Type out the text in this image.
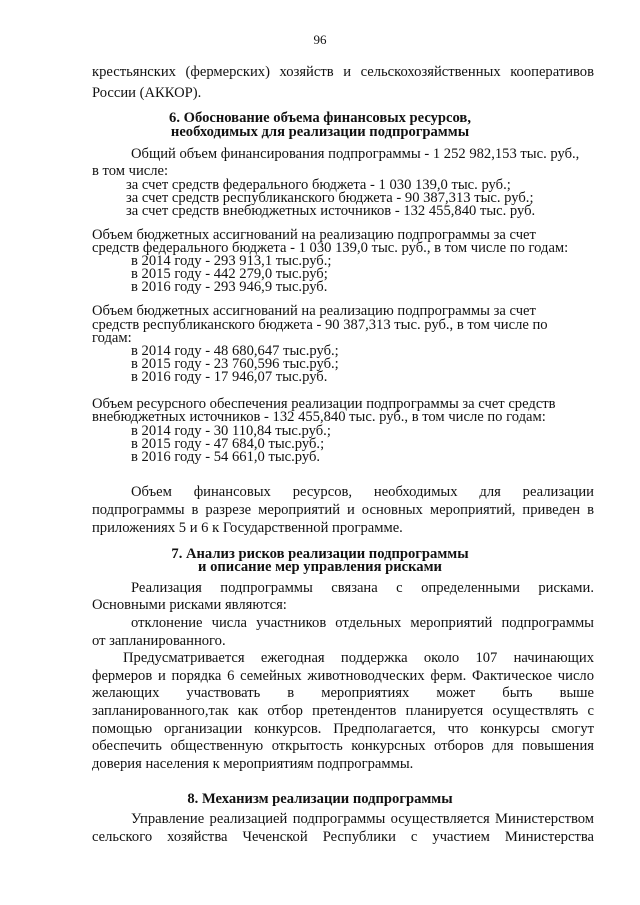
96
крестьянских (фермерских) хозяйств и сельскохозяйственных кооперативов
России (АККОР).
6. Обоснование объема финансовых ресурсов,
необходимых для реализации подпрограммы
Общий объем финансирования подпрограммы - 1 252 982,153 тыс. руб.,
в том числе:
за счет средств федерального бюджета - 1 030 139,0 тыс. руб.;
за счет средств республиканского бюджета - 90 387,313 тыс. руб.;
за счет средств внебюджетных источников - 132 455,840 тыс. руб.
Объем бюджетных ассигнований на реализацию подпрограммы за счет
средств федерального бюджета - 1 030 139,0 тыс. руб., в том числе по годам:
в 2014 году - 293 913,1 тыс.руб.;
в 2015 году - 442 279,0 тыс.руб;
в 2016 году - 293 946,9 тыс.руб.
Объем бюджетных ассигнований на реализацию подпрограммы за счет
средств республиканского бюджета - 90 387,313 тыс. руб., в том числе по
годам:
в 2014 году - 48 680,647 тыс.руб.;
в 2015 году - 23 760,596 тыс.руб.;
в 2016 году - 17 946,07 тыс.руб.
Объем ресурсного обеспечения реализации подпрограммы за счет средств
внебюджетных источников - 132 455,840 тыс. руб., в том числе по годам:
в 2014 году - 30 110,84 тыс.руб.;
в 2015 году - 47 684,0 тыс.руб.;
в 2016 году - 54 661,0 тыс.руб.
Объем финансовых ресурсов, необходимых для реализации
подпрограммы в разрезе мероприятий и основных мероприятий, приведен в
приложениях 5 и 6 к Государственной программе.
7. Анализ рисков реализации подпрограммы
и описание мер управления рисками
Реализация подпрограммы связана с определенными рисками.
Основными рисками являются:
отклонение числа участников отдельных мероприятий подпрограммы
от запланированного.
Предусматривается ежегодная поддержка около 107 начинающих
фермеров и порядка 6 семейных животноводческих ферм. Фактическое число
желающих участвовать в мероприятиях может быть выше
запланированного,так как отбор претендентов планируется осуществлять с
помощью организации конкурсов. Предполагается, что конкурсы смогут
обеспечить общественную открытость конкурсных отборов для повышения
доверия населения к мероприятиям подпрограммы.
8. Механизм реализации подпрограммы
Управление реализацией подпрограммы осуществляется Министерством
сельского хозяйства Чеченской Республики с участием Министерства
